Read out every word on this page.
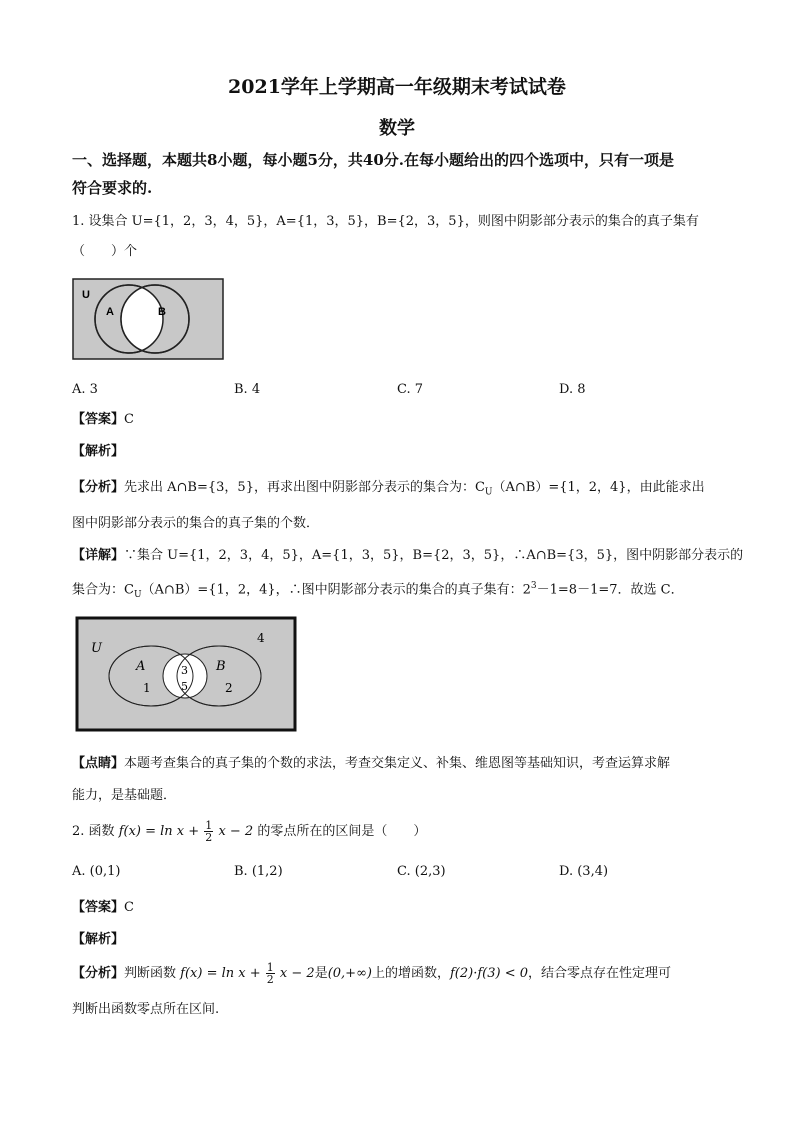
2021学年上学期高一年级期末考试试卷
数学
一、选择题，本题共8小题，每小题5分，共40分.在每小题给出的四个选项中，只有一项是
符合要求的.
1. 设集合 U={1，2，3，4，5}，A={1，3，5}，B={2，3，5}，则图中阴影部分表示的集合的真子集有
（　　）个
U
A	B
A. 3	B. 4	C. 7	D. 8
【答案】C
【解析】
【分析】先求出 A∩B={3，5}，再求出图中阴影部分表示的集合为：$C_U(A\cap B)=\{1$，2，4}，由此能求出
图中阴影部分表示的集合的真子集的个数．
【详解】∵集合 U={1，2，3，4，5}，A={1，3，5}，B={2，3，5}，∴A∩B={3，5}，图中阴影部分表示的
集合为：$C_U(A\cap B)=\{1$，2，4}，∴图中阴影部分表示的集合的真子集有：$2^3-1=8-1=7$．故选 C．
U
4
A	B
3
5
1	2
【点睛】本题考查集合的真子集的个数的求法，考查交集定义、补集、维恩图等基础知识，考查运算求解
能力，是基础题．
2. 函数 $f(x) = \ln x + \frac{1}{2}$ x − 2 的零点所在的区间是（　　）
A. (0,1)	B. (1,2)	C. (2,3)	D. (3,4)
【答案】C
【解析】
【分析】判断函数 $f(x) = \ln x + \frac{1}{2}$ x − 2是(0,+∞)上的增函数，f(2)·f(3) < 0，结合零点存在性定理可
判断出函数零点所在区间.
